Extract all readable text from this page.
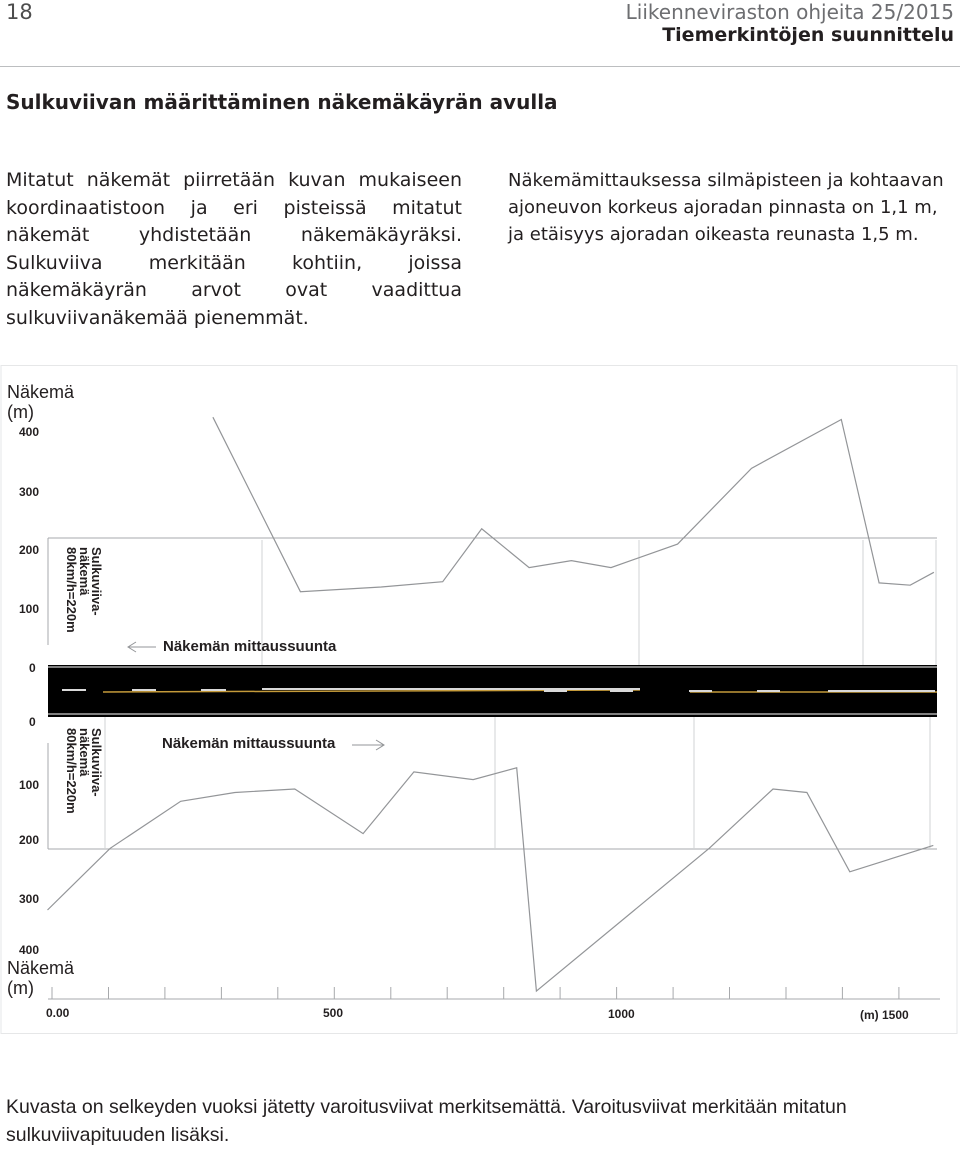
18	Liikenneviraston ohjeita 25/2015
Tiemerkintöjen suunnittelu
Sulkuviivan määrittäminen näkemäkäyrän avulla
Mitatut näkemät piirretään kuvan mukaiseen koordinaatistoon ja eri pisteissä mitatut näkemät yhdistetään näkemäkäyräksi. Sulkuviiva merkitään kohtiin, joissa näkemäkäyrän arvot ovat vaadittua sulkuviivanäkemää pienemmät.
Näkemämittauksessa silmäpisteen ja kohtaavan ajoneuvon korkeus ajoradan pinnasta on 1,1 m, ja etäisyys ajoradan oikeasta reunasta 1,5 m.
Näkemä
(m)
400
300
200
100
0
Sulkuviiva-
näkemä
80km/h=220m
Näkemän mittaussuunta
0
100
200
300
400
Näkemä
(m)
Sulkuviiva-
näkemä
80km/h=220m	Näkemän mittaussuunta
0.00	500	1000	(m) 1500
Kuvasta on selkeyden vuoksi jätetty varoitusviivat merkitsemättä. Varoitusviivat merkitään mitatun sulkuviivapituuden lisäksi.
